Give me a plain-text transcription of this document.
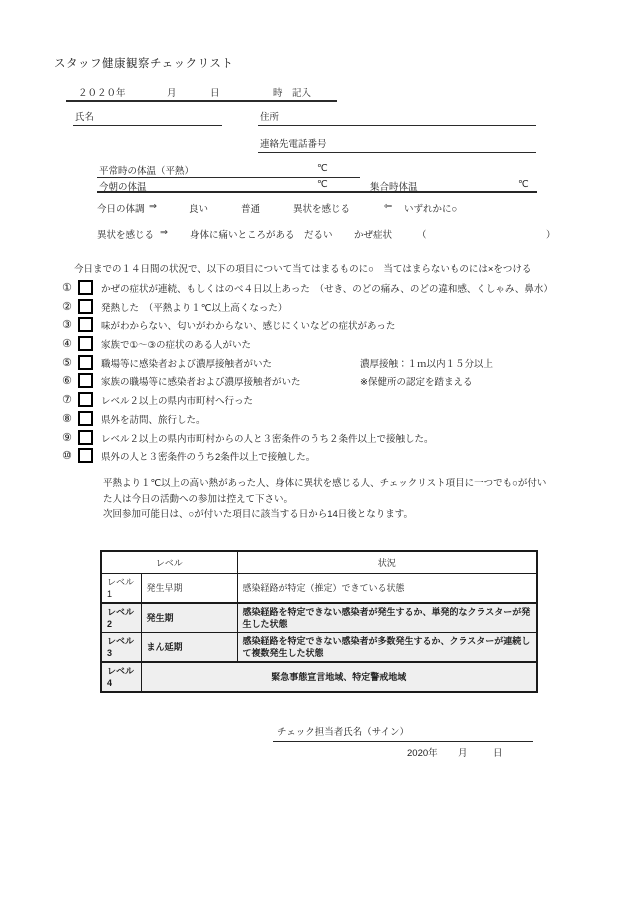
スタッフ健康観察チェックリスト
２０２０年	月	日	時　記入
氏名	住所
連絡先電話番号
平常時の体温（平熱）	℃
今朝の体温	℃	集合時体温	℃
今日の体調 ⇒	良い	普通	異状を感じる	⇦ いずれかに○
異状を感じる ⇒ 身体に痛いところがある だるい かぜ症状	（	）
今日までの１４日間の状況で、以下の項目について当てはまるものに○　当てはまらないものには×をつける
①	かぜの症状が連続、もしくはのべ４日以上あった　（せき、のどの痛み、のどの違和感、くしゃみ、鼻水）
②	発熱した　（平熱より１℃以上高くなった）
③	味がわからない、匂いがわからない、感じにくいなどの症状があった
④	家族で①～③の症状のある人がいた
⑤	職場等に感染者および濃厚接触者がいた	濃厚接触：１ｍ以内１５分以上
⑥	家族の職場等に感染者および濃厚接触者がいた	※保健所の認定を踏まえる
⑦	レベル２以上の県内市町村へ行った
⑧	県外を訪問、旅行した。
⑨	レベル２以上の県内市町村からの人と３密条件のうち２条件以上で接触した。
⑩	県外の人と３密条件のうち2条件以上で接触した。
平熱より１℃以上の高い熱があった人、身体に異状を感じる人、チェックリスト項目に一つでも○が付い
た人は今日の活動への参加は控えて下さい。
次回参加可能日は、○が付いた項目に該当する日から14日後となります。
レベル		状況
レベル1	発生早期	感染経路が特定（推定）できている状態
レベル2	発生期	感染経路を特定できない感染者が発生するか、単発的なクラスターが発生した状態
レベル3	まん延期	感染経路を特定できない感染者が多数発生するか、クラスターが連続して複数発生した状態
レベル4	緊急事態宣言地域、特定警戒地域	
チェック担当者氏名（サイン）
2020年 月	日
